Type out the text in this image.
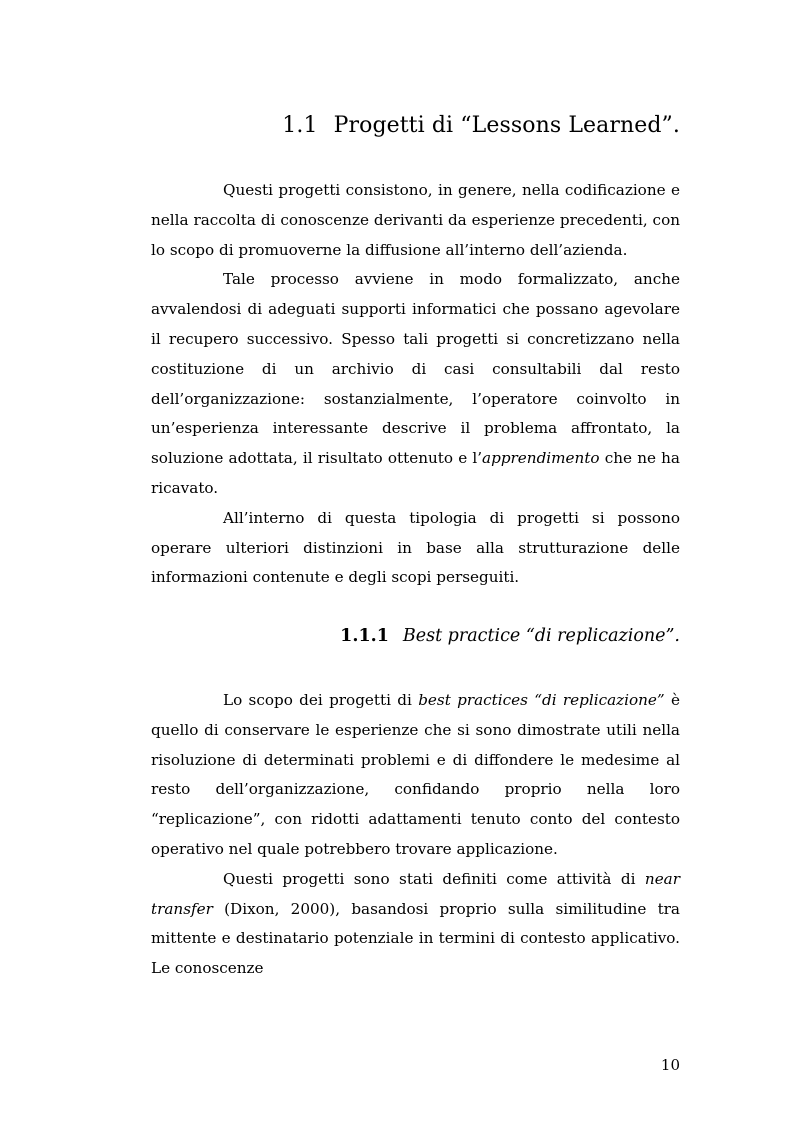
1.1 Progetti di “Lessons Learned”.

Questi progetti consistono, in genere, nella codificazione e nella raccolta di conoscenze derivanti da esperienze precedenti, con lo scopo di promuoverne la diffusione all’interno dell’azienda.

Tale processo avviene in modo formalizzato, anche avvalendosi di adeguati supporti informatici che possano agevolare il recupero successivo. Spesso tali progetti si concretizzano nella costituzione di un archivio di casi consultabili dal resto dell’organizzazione: sostanzialmente, l’operatore coinvolto in un’esperienza interessante descrive il problema affrontato, la soluzione adottata, il risultato ottenuto e l’apprendimento che ne ha ricavato.

All’interno di questa tipologia di progetti si possono operare ulteriori distinzioni in base alla strutturazione delle informazioni contenute e degli scopi perseguiti.

1.1.1 Best practice “di replicazione”.

Lo scopo dei progetti di best practices “di replicazione” è quello di conservare le esperienze che si sono dimostrate utili nella risoluzione di determinati problemi e di diffondere le medesime al resto dell’organizzazione, confidando proprio nella loro “replicazione”, con ridotti adattamenti tenuto conto del contesto operativo nel quale potrebbero trovare applicazione.

Questi progetti sono stati definiti come attività di near transfer (Dixon, 2000), basandosi proprio sulla similitudine tra mittente e destinatario potenziale in termini di contesto applicativo. Le conoscenze

10
